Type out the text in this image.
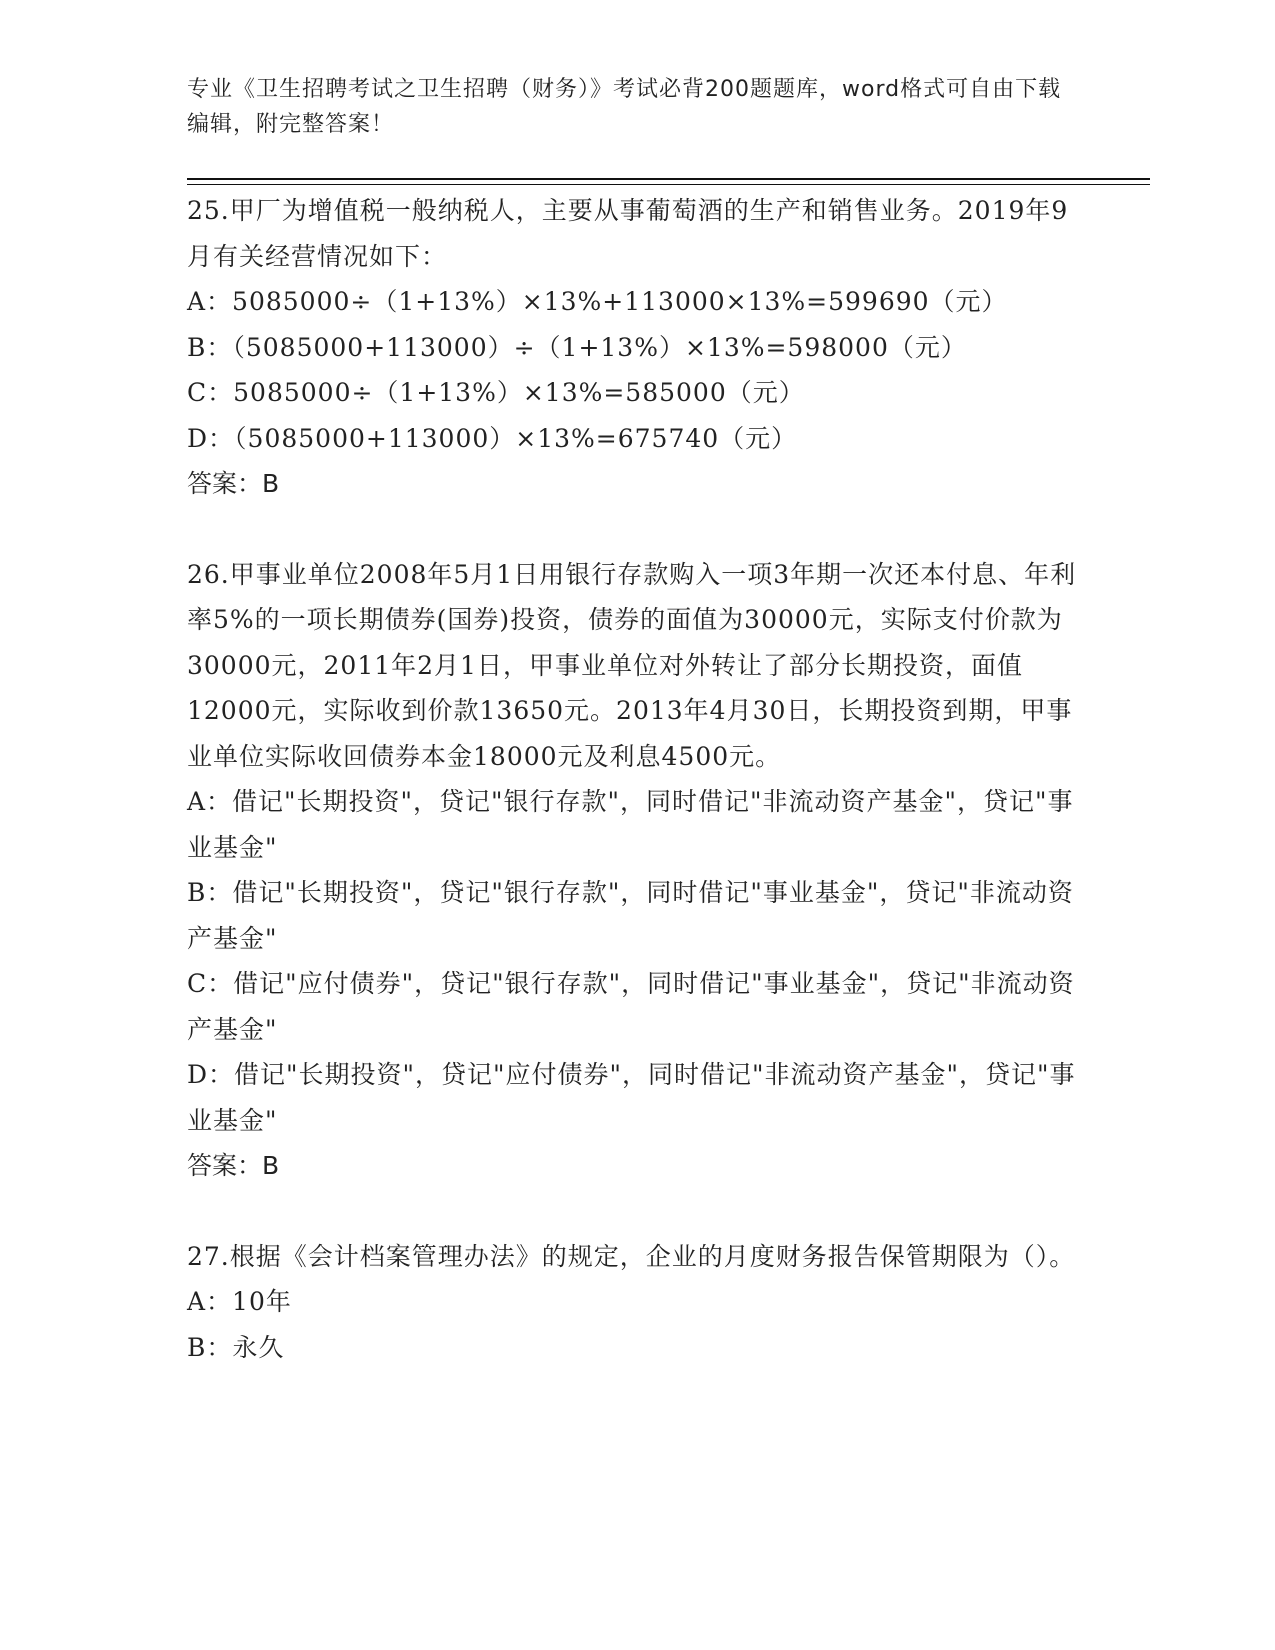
专业《卫生招聘考试之卫生招聘（财务）》考试必背200题题库，word格式可自由下载编辑，附完整答案！

25.甲厂为增值税一般纳税人，主要从事葡萄酒的生产和销售业务。2019年9月有关经营情况如下：

A：5085000÷（1+13%）×13%+113000×13%=599690（元）

B：（5085000+113000）÷（1+13%）×13%=598000（元）

C：5085000÷（1+13%）×13%=585000（元）

D：（5085000+113000）×13%=675740（元）

答案：B

26.甲事业单位2008年5月1日用银行存款购入一项3年期一次还本付息、年利率5%的一项长期债券(国券)投资，债券的面值为30000元，实际支付价款为30000元，2011年2月1日，甲事业单位对外转让了部分长期投资，面值12000元，实际收到价款13650元。2013年4月30日，长期投资到期，甲事业单位实际收回债券本金18000元及利息4500元。

A：借记"长期投资"，贷记"银行存款"，同时借记"非流动资产基金"，贷记"事业基金"

B：借记"长期投资"，贷记"银行存款"，同时借记"事业基金"，贷记"非流动资产基金"

C：借记"应付债券"，贷记"银行存款"，同时借记"事业基金"，贷记"非流动资产基金"

D：借记"长期投资"，贷记"应付债券"，同时借记"非流动资产基金"，贷记"事业基金"

答案：B

27.根据《会计档案管理办法》的规定，企业的月度财务报告保管期限为（）。

A：10年

B：永久
